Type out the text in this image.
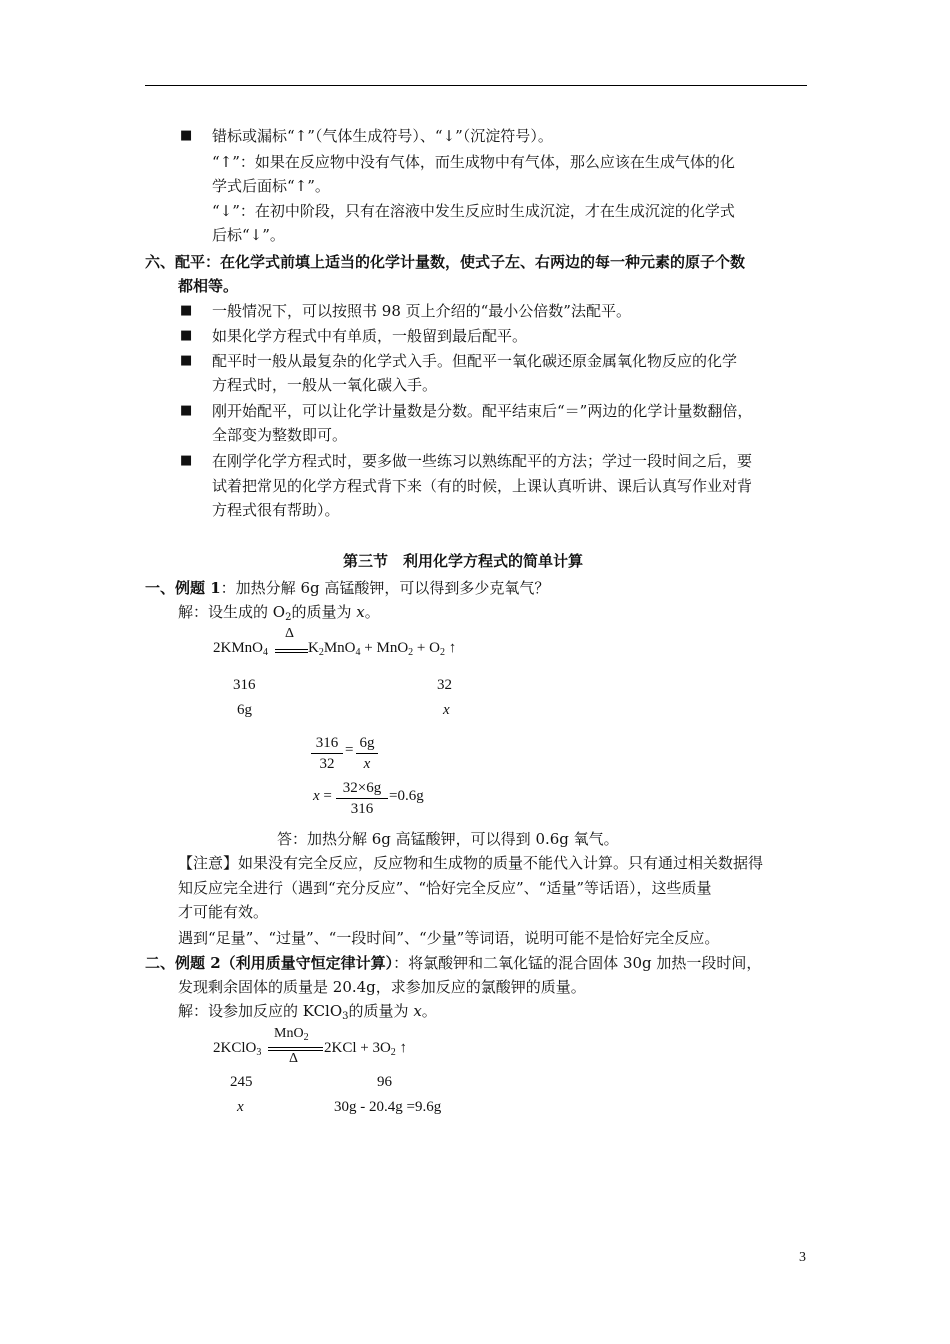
■ 错标或漏标“↑”（气体生成符号）、“↓”（沉淀符号）。
“↑”：如果在反应物中没有气体，而生成物中有气体，那么应该在生成气体的化
学式后面标“↑”。
“↓”：在初中阶段，只有在溶液中发生反应时生成沉淀，才在生成沉淀的化学式
后标“↓”。
六、配平：在化学式前填上适当的化学计量数，使式子左、右两边的每一种元素的原子个数
都相等。
■ 一般情况下，可以按照书 98 页上介绍的“最小公倍数”法配平。
■ 如果化学方程式中有单质，一般留到最后配平。
■ 配平时一般从最复杂的化学式入手。但配平一氧化碳还原金属氧化物反应的化学
方程式时，一般从一氧化碳入手。
■ 刚开始配平，可以让化学计量数是分数。配平结束后“＝”两边的化学计量数翻倍，
全部变为整数即可。
■ 在刚学化学方程式时，要多做一些练习以熟练配平的方法；学过一段时间之后，要
试着把常见的化学方程式背下来（有的时候，上课认真听讲、课后认真写作业对背
方程式很有帮助）。
第三节　利用化学方程式的简单计算
一、例题 1：加热分解 6g 高锰酸钾，可以得到多少克氧气？
解：设生成的 $O_2$的质量为 x。
2KMnO$_4$
Δ
$K_2MnO_4 + MnO_2 + O_2$ ↑
316	32
6g	x
$\frac{316}{32} = \frac{6g}{x}$
$x = \frac{32\times 6g}{316} =0.6g$
答：加热分解 6g 高锰酸钾，可以得到 0.6g 氧气。
【注意】如果没有完全反应，反应物和生成物的质量不能代入计算。只有通过相关数据得
知反应完全进行（遇到“充分反应”、“恰好完全反应”、“适量”等话语），这些质量
才可能有效。
遇到“足量”、“过量”、“一段时间”、“少量”等词语，说明可能不是恰好完全反应。
二、例题 2（利用质量守恒定律计算）：将氯酸钾和二氧化锰的混合固体 30g 加热一段时间，
发现剩余固体的质量是 20.4g，求参加反应的氯酸钾的质量。
解：设参加反应的 KClO$_3$的质量为 x。
2KClO$_3$
MnO$_2$
Δ
$2KCl + 3O_2$ ↑
245	96
x	30g - 20.4g =9.6g
3
